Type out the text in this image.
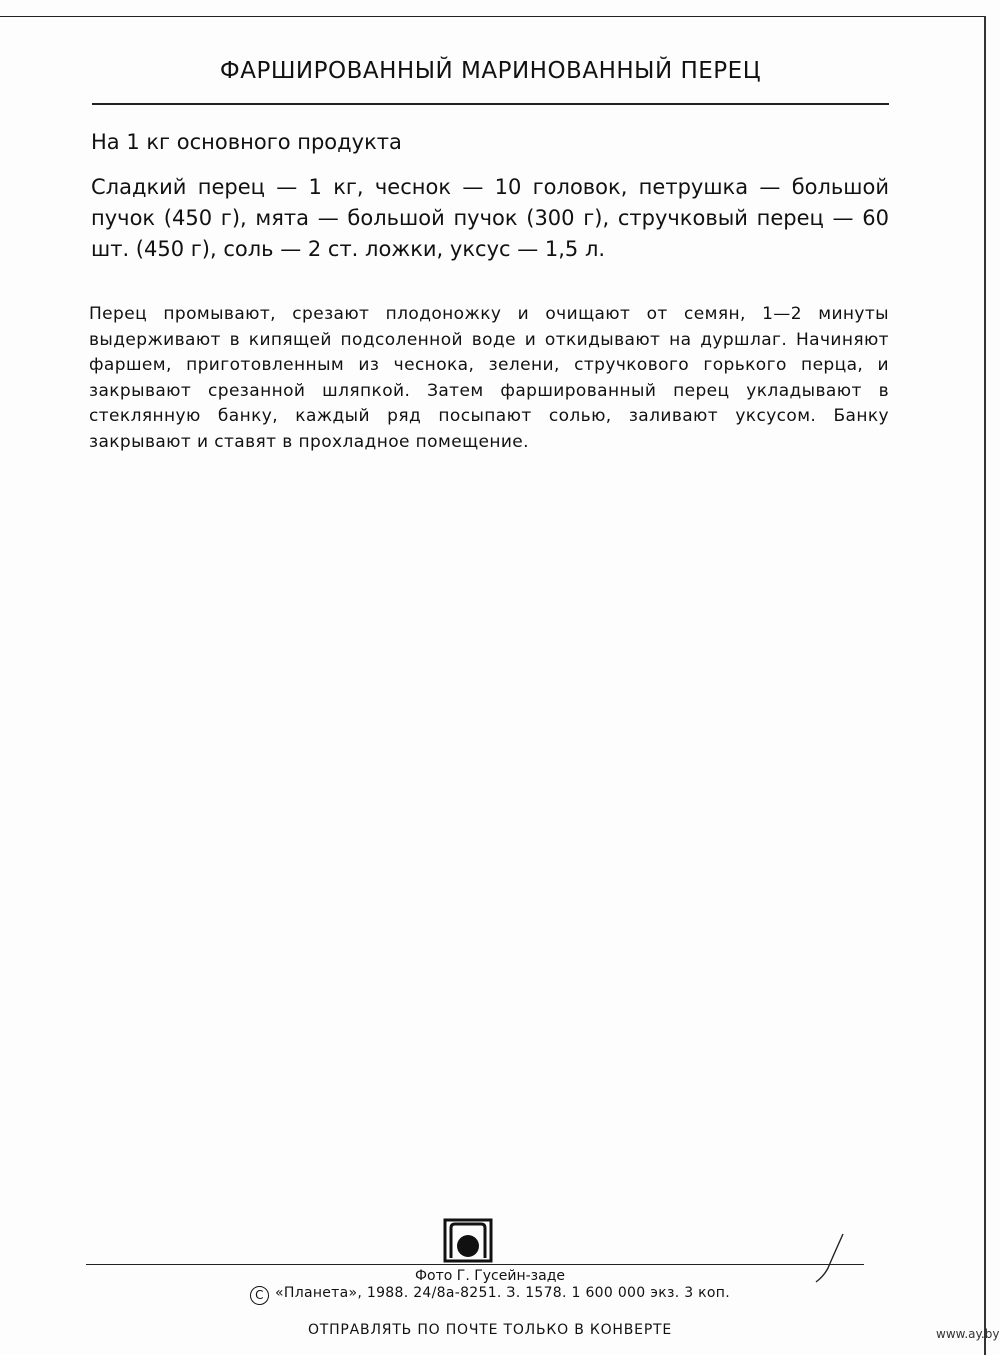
ФАРШИРОВАННЫЙ МАРИНОВАННЫЙ ПЕРЕЦ
На 1 кг основного продукта
Сладкий перец — 1 кг, чеснок — 10 головок, петрушка — большой пучок (450 г), мята — большой пучок (300 г), стручковый перец — 60 шт. (450 г), соль — 2 ст. ложки, уксус — 1,5 л.
Перец промывают, срезают плодоножку и очищают от семян, 1—2 минуты выдерживают в кипящей подсоленной воде и откидывают на дуршлаг. Начиняют фаршем, приготовленным из чеснока, зелени, стручкового горького перца, и закрывают срезанной шляпкой. Затем фаршированный перец укладывают в стеклянную банку, каждый ряд посыпают солью, заливают уксусом. Банку закрывают и ставят в прохладное помещение.
Фото Г. Гусейн-заде
C «Планета», 1988. 24/8а-8251. З. 1578. 1 600 000 экз. 3 коп.
ОТПРАВЛЯТЬ ПО ПОЧТЕ ТОЛЬКО В КОНВЕРТЕ	www.ay.by
